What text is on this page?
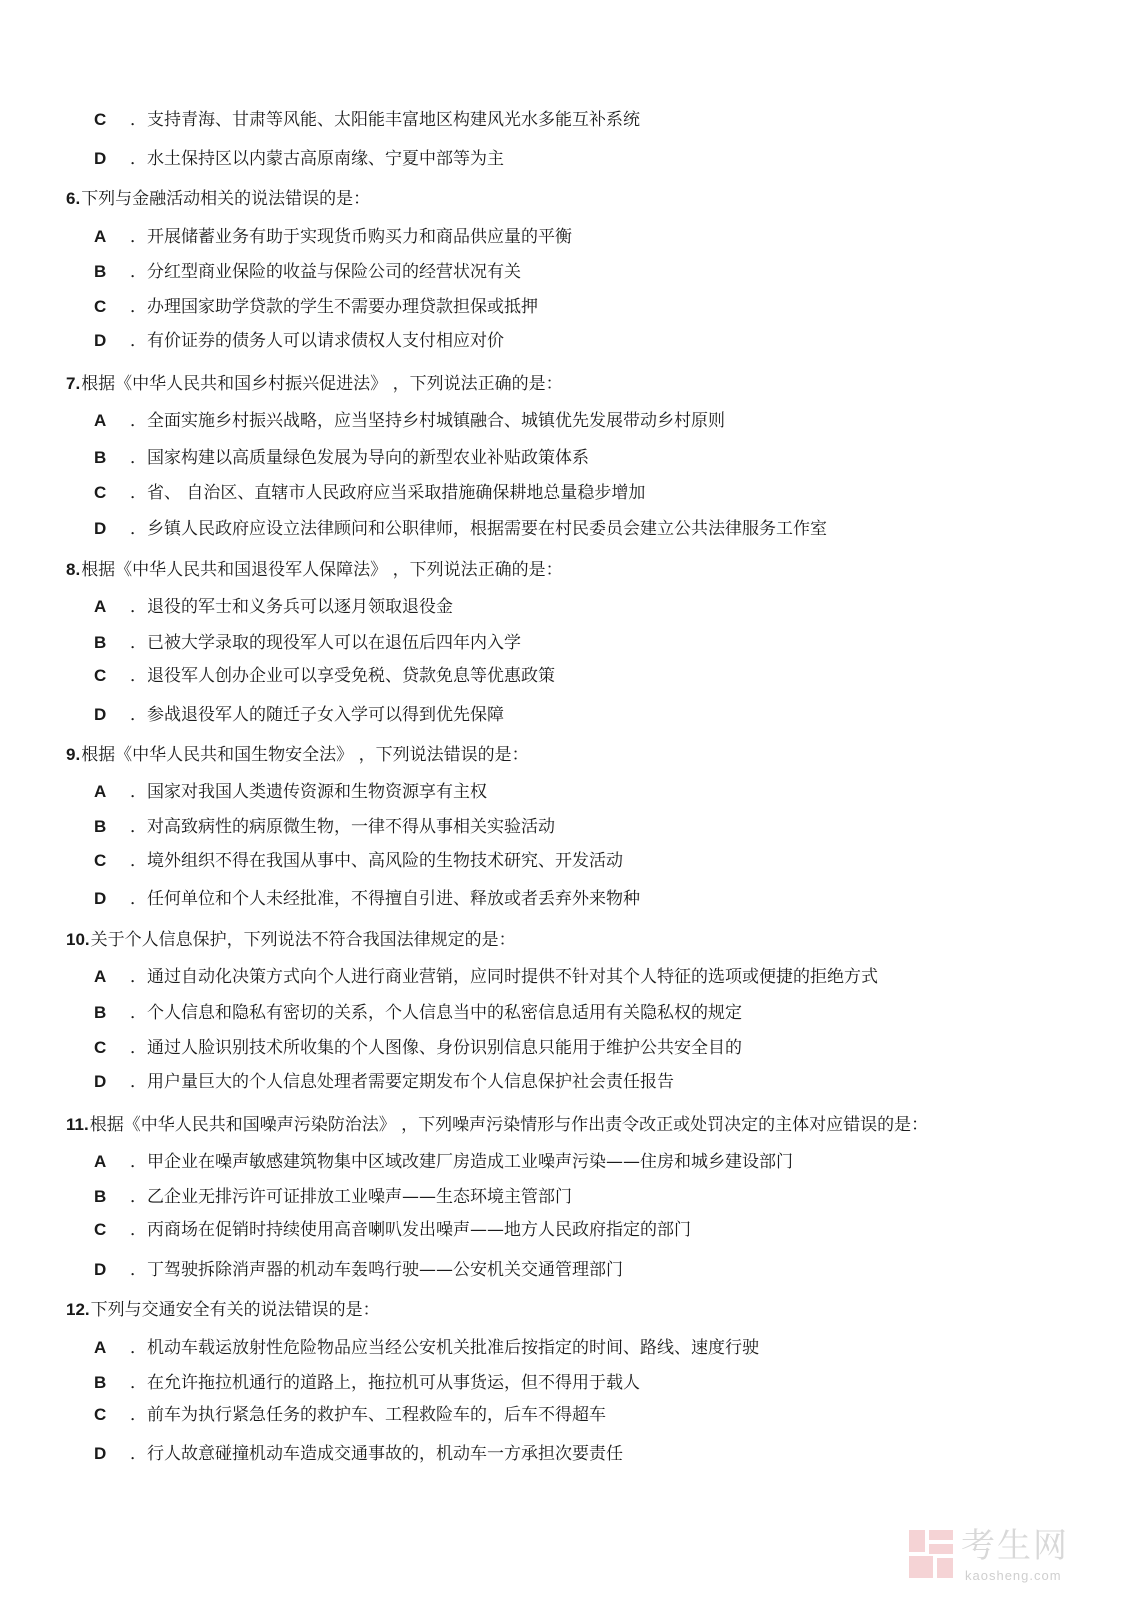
C ．支持青海、甘肃等风能、太阳能丰富地区构建风光水多能互补系统
D ．水土保持区以内蒙古高原南缘、宁夏中部等为主
6.下列与金融活动相关的说法错误的是：
A ．开展储蓄业务有助于实现货币购买力和商品供应量的平衡
B ．分红型商业保险的收益与保险公司的经营状况有关
C ．办理国家助学贷款的学生不需要办理贷款担保或抵押
D ．有价证券的债务人可以请求债权人支付相应对价
7.根据《中华人民共和国乡村振兴促进法》 ，下列说法正确的是：
A ．全面实施乡村振兴战略，应当坚持乡村城镇融合、城镇优先发展带动乡村原则
B ．国家构建以高质量绿色发展为导向的新型农业补贴政策体系
C ．省、 自治区、直辖市人民政府应当采取措施确保耕地总量稳步增加
D ．乡镇人民政府应设立法律顾问和公职律师，根据需要在村民委员会建立公共法律服务工作室
8.根据《中华人民共和国退役军人保障法》 ，下列说法正确的是：
A ．退役的军士和义务兵可以逐月领取退役金
B ．已被大学录取的现役军人可以在退伍后四年内入学
C ．退役军人创办企业可以享受免税、贷款免息等优惠政策
D ．参战退役军人的随迁子女入学可以得到优先保障
9.根据《中华人民共和国生物安全法》 ，下列说法错误的是：
A ．国家对我国人类遗传资源和生物资源享有主权
B ．对高致病性的病原微生物，一律不得从事相关实验活动
C ．境外组织不得在我国从事中、高风险的生物技术研究、开发活动
D ．任何单位和个人未经批准，不得擅自引进、释放或者丢弃外来物种
10.关于个人信息保护，下列说法不符合我国法律规定的是：
A ．通过自动化决策方式向个人进行商业营销，应同时提供不针对其个人特征的选项或便捷的拒绝方式
B ．个人信息和隐私有密切的关系，个人信息当中的私密信息适用有关隐私权的规定
C ．通过人脸识别技术所收集的个人图像、身份识别信息只能用于维护公共安全目的
D ．用户量巨大的个人信息处理者需要定期发布个人信息保护社会责任报告
11.根据《中华人民共和国噪声污染防治法》 ，下列噪声污染情形与作出责令改正或处罚决定的主体对应错误的是：
A ．甲企业在噪声敏感建筑物集中区域改建厂房造成工业噪声污染——住房和城乡建设部门
B ．乙企业无排污许可证排放工业噪声——生态环境主管部门
C ．丙商场在促销时持续使用高音喇叭发出噪声——地方人民政府指定的部门
D ．丁驾驶拆除消声器的机动车轰鸣行驶——公安机关交通管理部门
12.下列与交通安全有关的说法错误的是：
A ．机动车载运放射性危险物品应当经公安机关批准后按指定的时间、路线、速度行驶
B ．在允许拖拉机通行的道路上，拖拉机可从事货运，但不得用于载人
C ．前车为执行紧急任务的救护车、工程救险车的，后车不得超车
D ．行人故意碰撞机动车造成交通事故的，机动车一方承担次要责任
考生网
kaosheng.com
